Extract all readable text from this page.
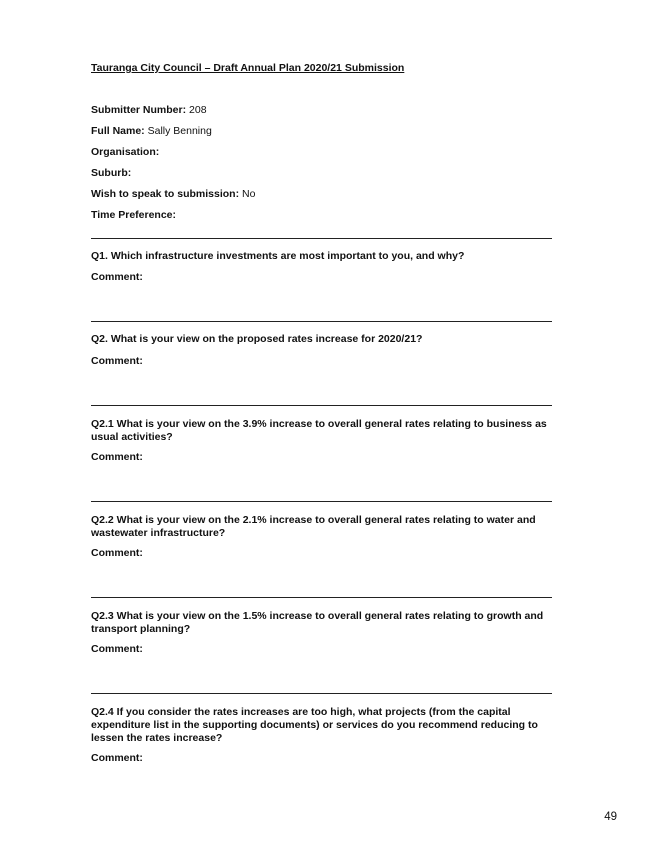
Tauranga City Council – Draft Annual Plan 2020/21 Submission
Submitter Number: 208
Full Name: Sally Benning
Organisation:
Suburb:
Wish to speak to submission: No
Time Preference:
Q1. Which infrastructure investments are most important to you, and why?
Comment:
Q2. What is your view on the proposed rates increase for 2020/21?
Comment:
Q2.1 What is your view on the 3.9% increase to overall general rates relating to business as usual activities?
Comment:
Q2.2 What is your view on the 2.1% increase to overall general rates relating to water and wastewater infrastructure?
Comment:
Q2.3 What is your view on the 1.5% increase to overall general rates relating to growth and transport planning?
Comment:
Q2.4 If you consider the rates increases are too high, what projects (from the capital expenditure list in the supporting documents) or services do you recommend reducing to lessen the rates increase?
Comment:
49
